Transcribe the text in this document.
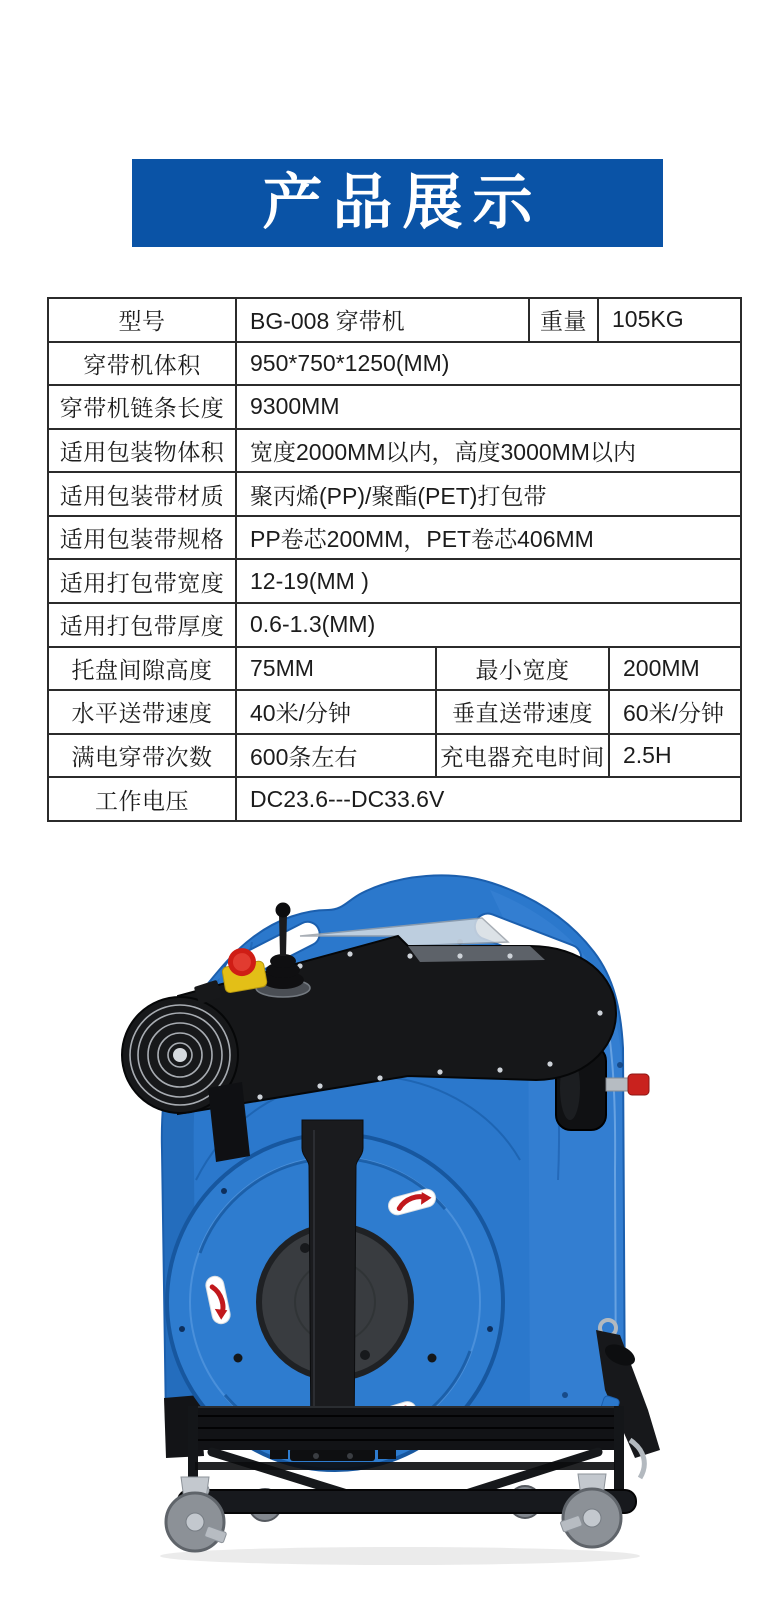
产品展示
型号	BG-008 穿带机	重量	105KG
穿带机体积	950*750*1250(MM)
穿带机链条长度	9300MM
适用包装物体积	宽度2000MM以内，高度3000MM以内
适用包装带材质	聚丙烯(PP)/聚酯(PET)打包带
适用包装带规格	PP卷芯200MM，PET卷芯406MM
适用打包带宽度	12-19(MM )
适用打包带厚度	0.6-1.3(MM)
托盘间隙高度	75MM	最小宽度	200MM
水平送带速度	40米/分钟	垂直送带速度	60米/分钟
满电穿带次数	600条左右	充电器充电时间 2.5H
工作电压	DC23.6---DC33.6V
